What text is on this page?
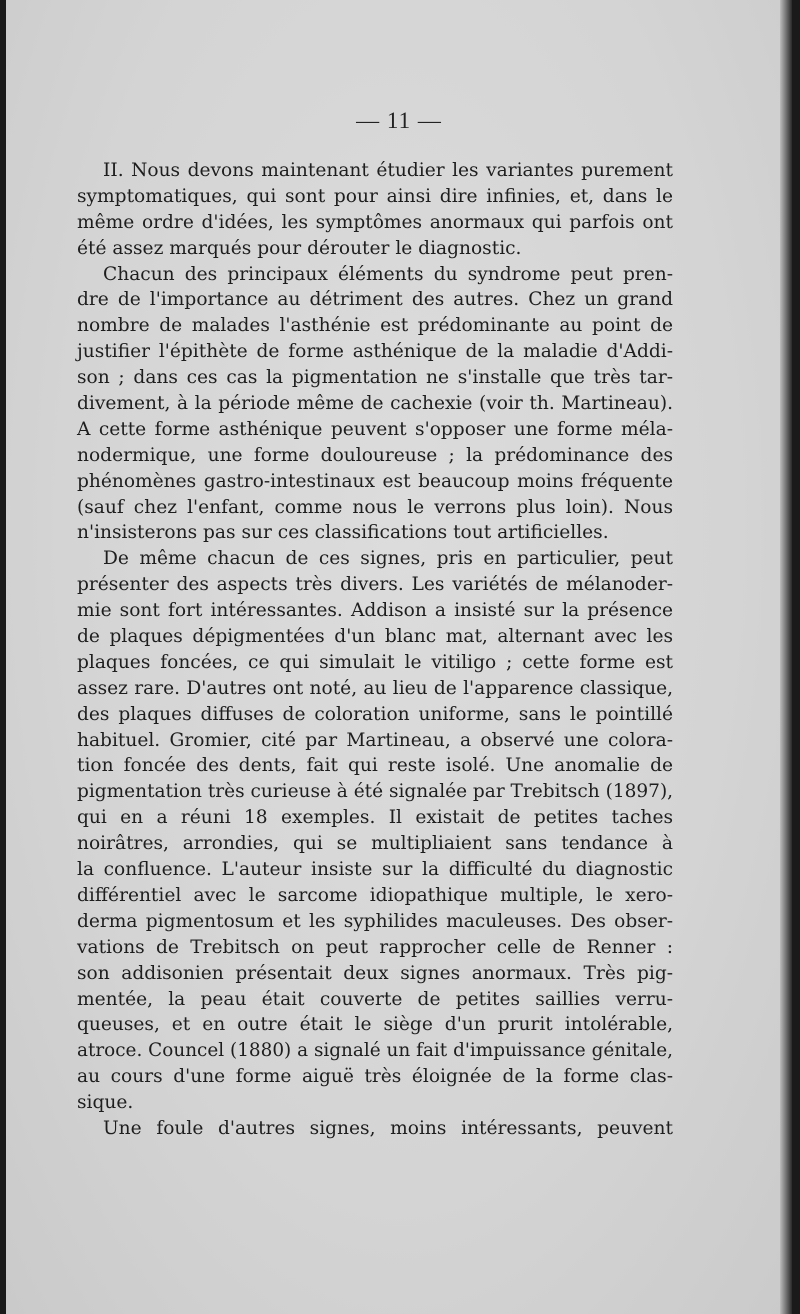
— 11 —
II. Nous devons maintenant étudier les variantes purement
symptomatiques, qui sont pour ainsi dire infinies, et, dans le
même ordre d'idées, les symptômes anormaux qui parfois ont
été assez marqués pour dérouter le diagnostic.
Chacun des principaux éléments du syndrome peut pren-
dre de l'importance au détriment des autres. Chez un grand
nombre de malades l'asthénie est prédominante au point de
justifier l'épithète de forme asthénique de la maladie d'Addi-
son ; dans ces cas la pigmentation ne s'installe que très tar-
divement, à la période même de cachexie (voir th. Martineau).
A cette forme asthénique peuvent s'opposer une forme méla-
nodermique, une forme douloureuse ; la prédominance des
phénomènes gastro-intestinaux est beaucoup moins fréquente
(sauf chez l'enfant, comme nous le verrons plus loin). Nous
n'insisterons pas sur ces classifications tout artificielles.
De même chacun de ces signes, pris en particulier, peut
présenter des aspects très divers. Les variétés de mélanoder-
mie sont fort intéressantes. Addison a insisté sur la présence
de plaques dépigmentées d'un blanc mat, alternant avec les
plaques foncées, ce qui simulait le vitiligo ; cette forme est
assez rare. D'autres ont noté, au lieu de l'apparence classique,
des plaques diffuses de coloration uniforme, sans le pointillé
habituel. Gromier, cité par Martineau, a observé une colora-
tion foncée des dents, fait qui reste isolé. Une anomalie de
pigmentation très curieuse à été signalée par Trebitsch (1897),
qui en a réuni 18 exemples. Il existait de petites taches
noirâtres, arrondies, qui se multipliaient sans tendance à
la confluence. L'auteur insiste sur la difficulté du diagnostic
différentiel avec le sarcome idiopathique multiple, le xero-
derma pigmentosum et les syphilides maculeuses. Des obser-
vations de Trebitsch on peut rapprocher celle de Renner :
son addisonien présentait deux signes anormaux. Très pig-
mentée, la peau était couverte de petites saillies verru-
queuses, et en outre était le siège d'un prurit intolérable,
atroce. Councel (1880) a signalé un fait d'impuissance génitale,
au cours d'une forme aiguë très éloignée de la forme clas-
sique.
Une foule d'autres signes, moins intéressants, peuvent
